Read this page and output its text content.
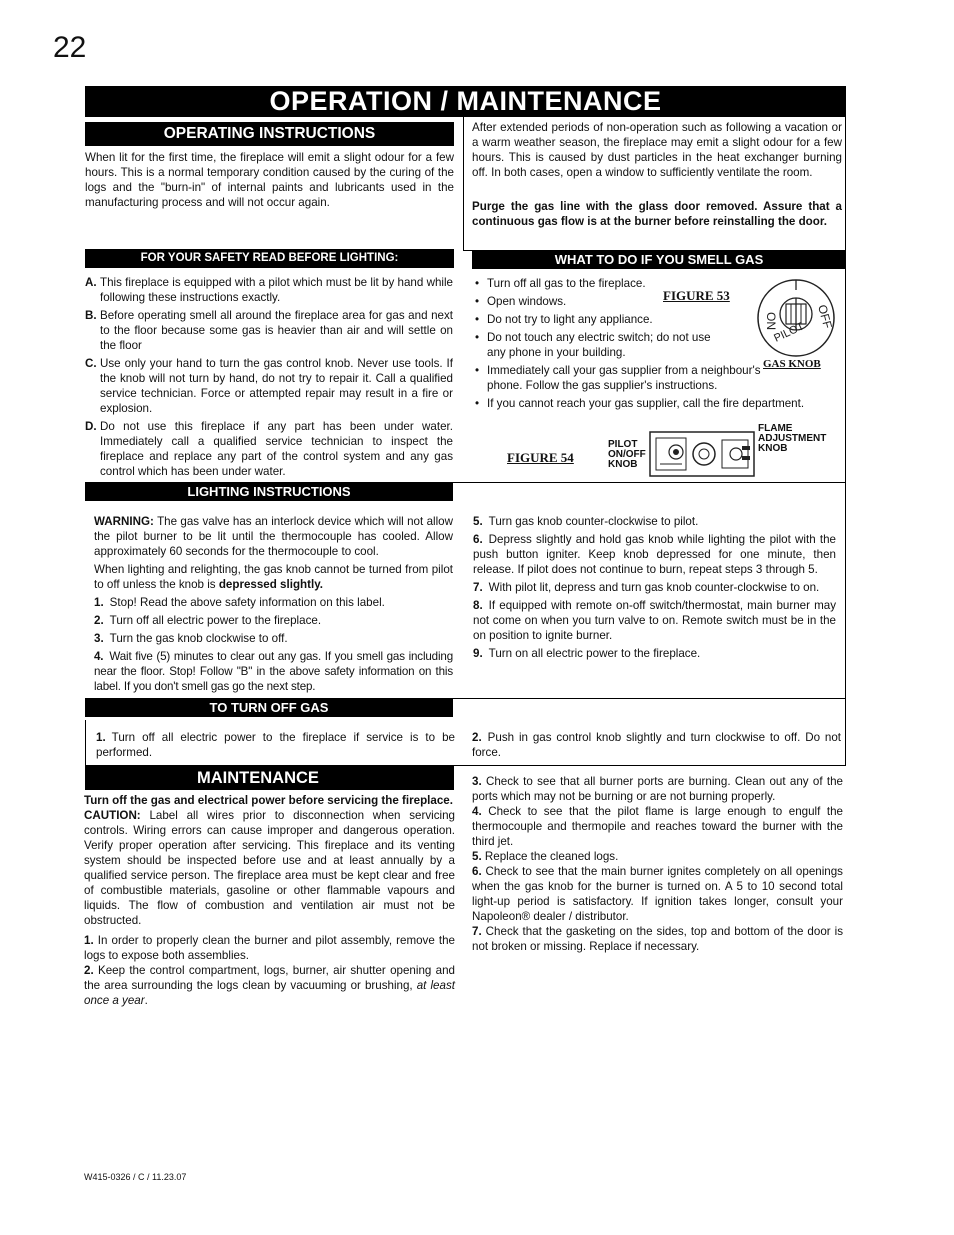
22
OPERATION / MAINTENANCE
OPERATING INSTRUCTIONS

When lit for the first time, the fireplace will emit a slight odour for a few hours. This is a normal temporary condition caused by the curing of the logs and the "burn-in" of internal paints and lubricants used in the manufacturing process and will not occur again.

After extended periods of non-operation such as following a vacation or a warm weather season, the fireplace may emit a slight odour for a few hours. This is caused by dust particles in the heat exchanger burning off. In both cases, open a window to sufficiently ventilate the room.

Purge the gas line with the glass door removed. Assure that a continuous gas flow is at the burner before reinstalling the door.

FOR YOUR SAFETY READ BEFORE LIGHTING:
A. This fireplace is equipped with a pilot which must be lit by hand while following these instructions exactly.
B. Before operating smell all around the fireplace area for gas and next to the floor because some gas is heavier than air and will settle on the floor
C. Use only your hand to turn the gas control knob. Never use tools. If the knob will not turn by hand, do not try to repair it. Call a qualified service technician. Force or attempted repair may result in a fire or explosion.
D. Do not use this fireplace if any part has been under water. Immediately call a qualified service technician to inspect the fireplace and replace any part of the control system and any gas control which has been under water.
WHAT TO DO IF YOU SMELL GAS
• Turn off all gas to the fireplace.
• Open windows.
• Do not try to light any appliance.
• Do not touch any electric switch; do not use any phone in your building.
• Immediately call your gas supplier from a neighbour's phone. Follow the gas supplier's instructions.
• If you cannot reach your gas supplier, call the fire department.
FIGURE 53
ON	OFF
PILOT
GAS KNOB
FIGURE 54
PILOT
ON/OFF
KNOB
FLAME
ADJUSTMENT
KNOB
LIGHTING INSTRUCTIONS

WARNING: The gas valve has an interlock device which will not allow the pilot burner to be lit until the thermocouple has cooled. Allow approximately 60 seconds for the thermocouple to cool.

When lighting and relighting, the gas knob cannot be turned from pilot to off unless the knob is depressed slightly.

1. Stop! Read the above safety information on this label.

2. Turn off all electric power to the fireplace.

3. Turn the gas knob clockwise to off.

4. Wait five (5) minutes to clear out any gas. If you smell gas including near the floor. Stop! Follow "B" in the above safety information on this label. If you don't smell gas go the next step.

5. Turn gas knob counter-clockwise to pilot.

6. Depress slightly and hold gas knob while lighting the pilot with the push button igniter. Keep knob depressed for one minute, then release. If pilot does not continue to burn, repeat steps 3 through 5.

7. With pilot lit, depress and turn gas knob counter-clockwise to on.

8. If equipped with remote on-off switch/thermostat, main burner may not come on when you turn valve to on. Remote switch must be in the on position to ignite burner.

9. Turn on all electric power to the fireplace.

TO TURN OFF GAS

1. Turn off all electric power to the fireplace if service is to be performed.

2. Push in gas control knob slightly and turn clockwise to off. Do not force.

MAINTENANCE

Turn off the gas and electrical power before servicing the fireplace.

CAUTION: Label all wires prior to disconnection when servicing controls. Wiring errors can cause improper and dangerous operation. Verify proper operation after servicing. This fireplace and its venting system should be inspected before use and at least annually by a qualified service person. The fireplace area must be kept clear and free of combustible materials, gasoline or other flammable vapours and liquids. The flow of combustion and ventilation air must not be obstructed.

1. In order to properly clean the burner and pilot assembly, remove the logs to expose both assemblies.

2. Keep the control compartment, logs, burner, air shutter opening and the area surrounding the logs clean by vacuuming or brushing, at least once a year.

3. Check to see that all burner ports are burning. Clean out any of the ports which may not be burning or are not burning properly.

4. Check to see that the pilot flame is large enough to engulf the thermocouple and thermopile and reaches toward the burner with the third jet.

5. Replace the cleaned logs.

6. Check to see that the main burner ignites completely on all openings when the gas knob for the burner is turned on. A 5 to 10 second total light-up period is satisfactory. If ignition takes longer, consult your Napoleon® dealer / distributor.

7. Check that the gasketing on the sides, top and bottom of the door is not broken or missing. Replace if necessary.

W415-0326 / C / 11.23.07
